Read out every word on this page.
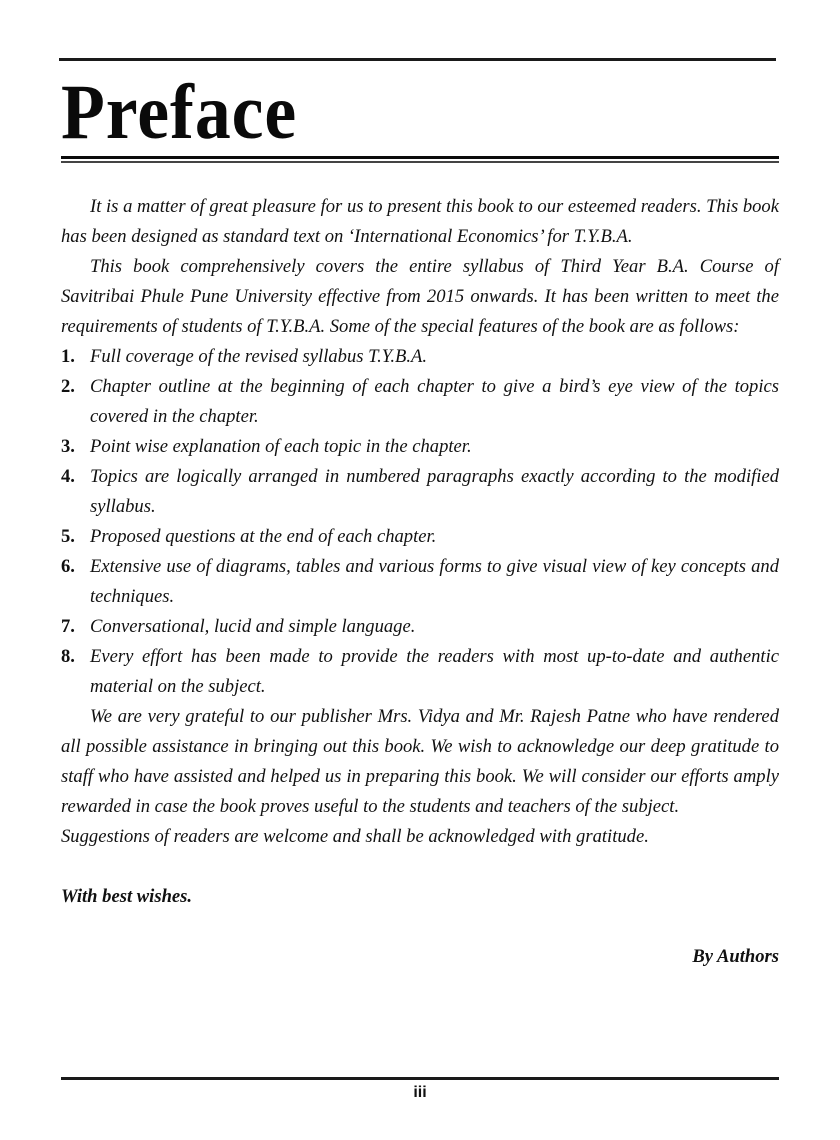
Preface

It is a matter of great pleasure for us to present this book to our esteemed readers. This book has been designed as standard text on ‘International Economics’ for T.Y.B.A.

This book comprehensively covers the entire syllabus of Third Year B.A. Course of Savitribai Phule Pune University effective from 2015 onwards. It has been written to meet the requirements of students of T.Y.B.A. Some of the special features of the book are as follows:

1. Full coverage of the revised syllabus T.Y.B.A.
2. Chapter outline at the beginning of each chapter to give a bird’s eye view of the topics covered in the chapter.
3. Point wise explanation of each topic in the chapter.
4. Topics are logically arranged in numbered paragraphs exactly according to the modified syllabus.
5. Proposed questions at the end of each chapter.
6. Extensive use of diagrams, tables and various forms to give visual view of key concepts and techniques.
7. Conversational, lucid and simple language.
8. Every effort has been made to provide the readers with most up-to-date and authentic material on the subject.

We are very grateful to our publisher Mrs. Vidya and Mr. Rajesh Patne who have rendered all possible assistance in bringing out this book. We wish to acknowledge our deep gratitude to staff who have assisted and helped us in preparing this book. We will consider our efforts amply rewarded in case the book proves useful to the students and teachers of the subject.

Suggestions of readers are welcome and shall be acknowledged with gratitude.

With best wishes.

By Authors

iii
